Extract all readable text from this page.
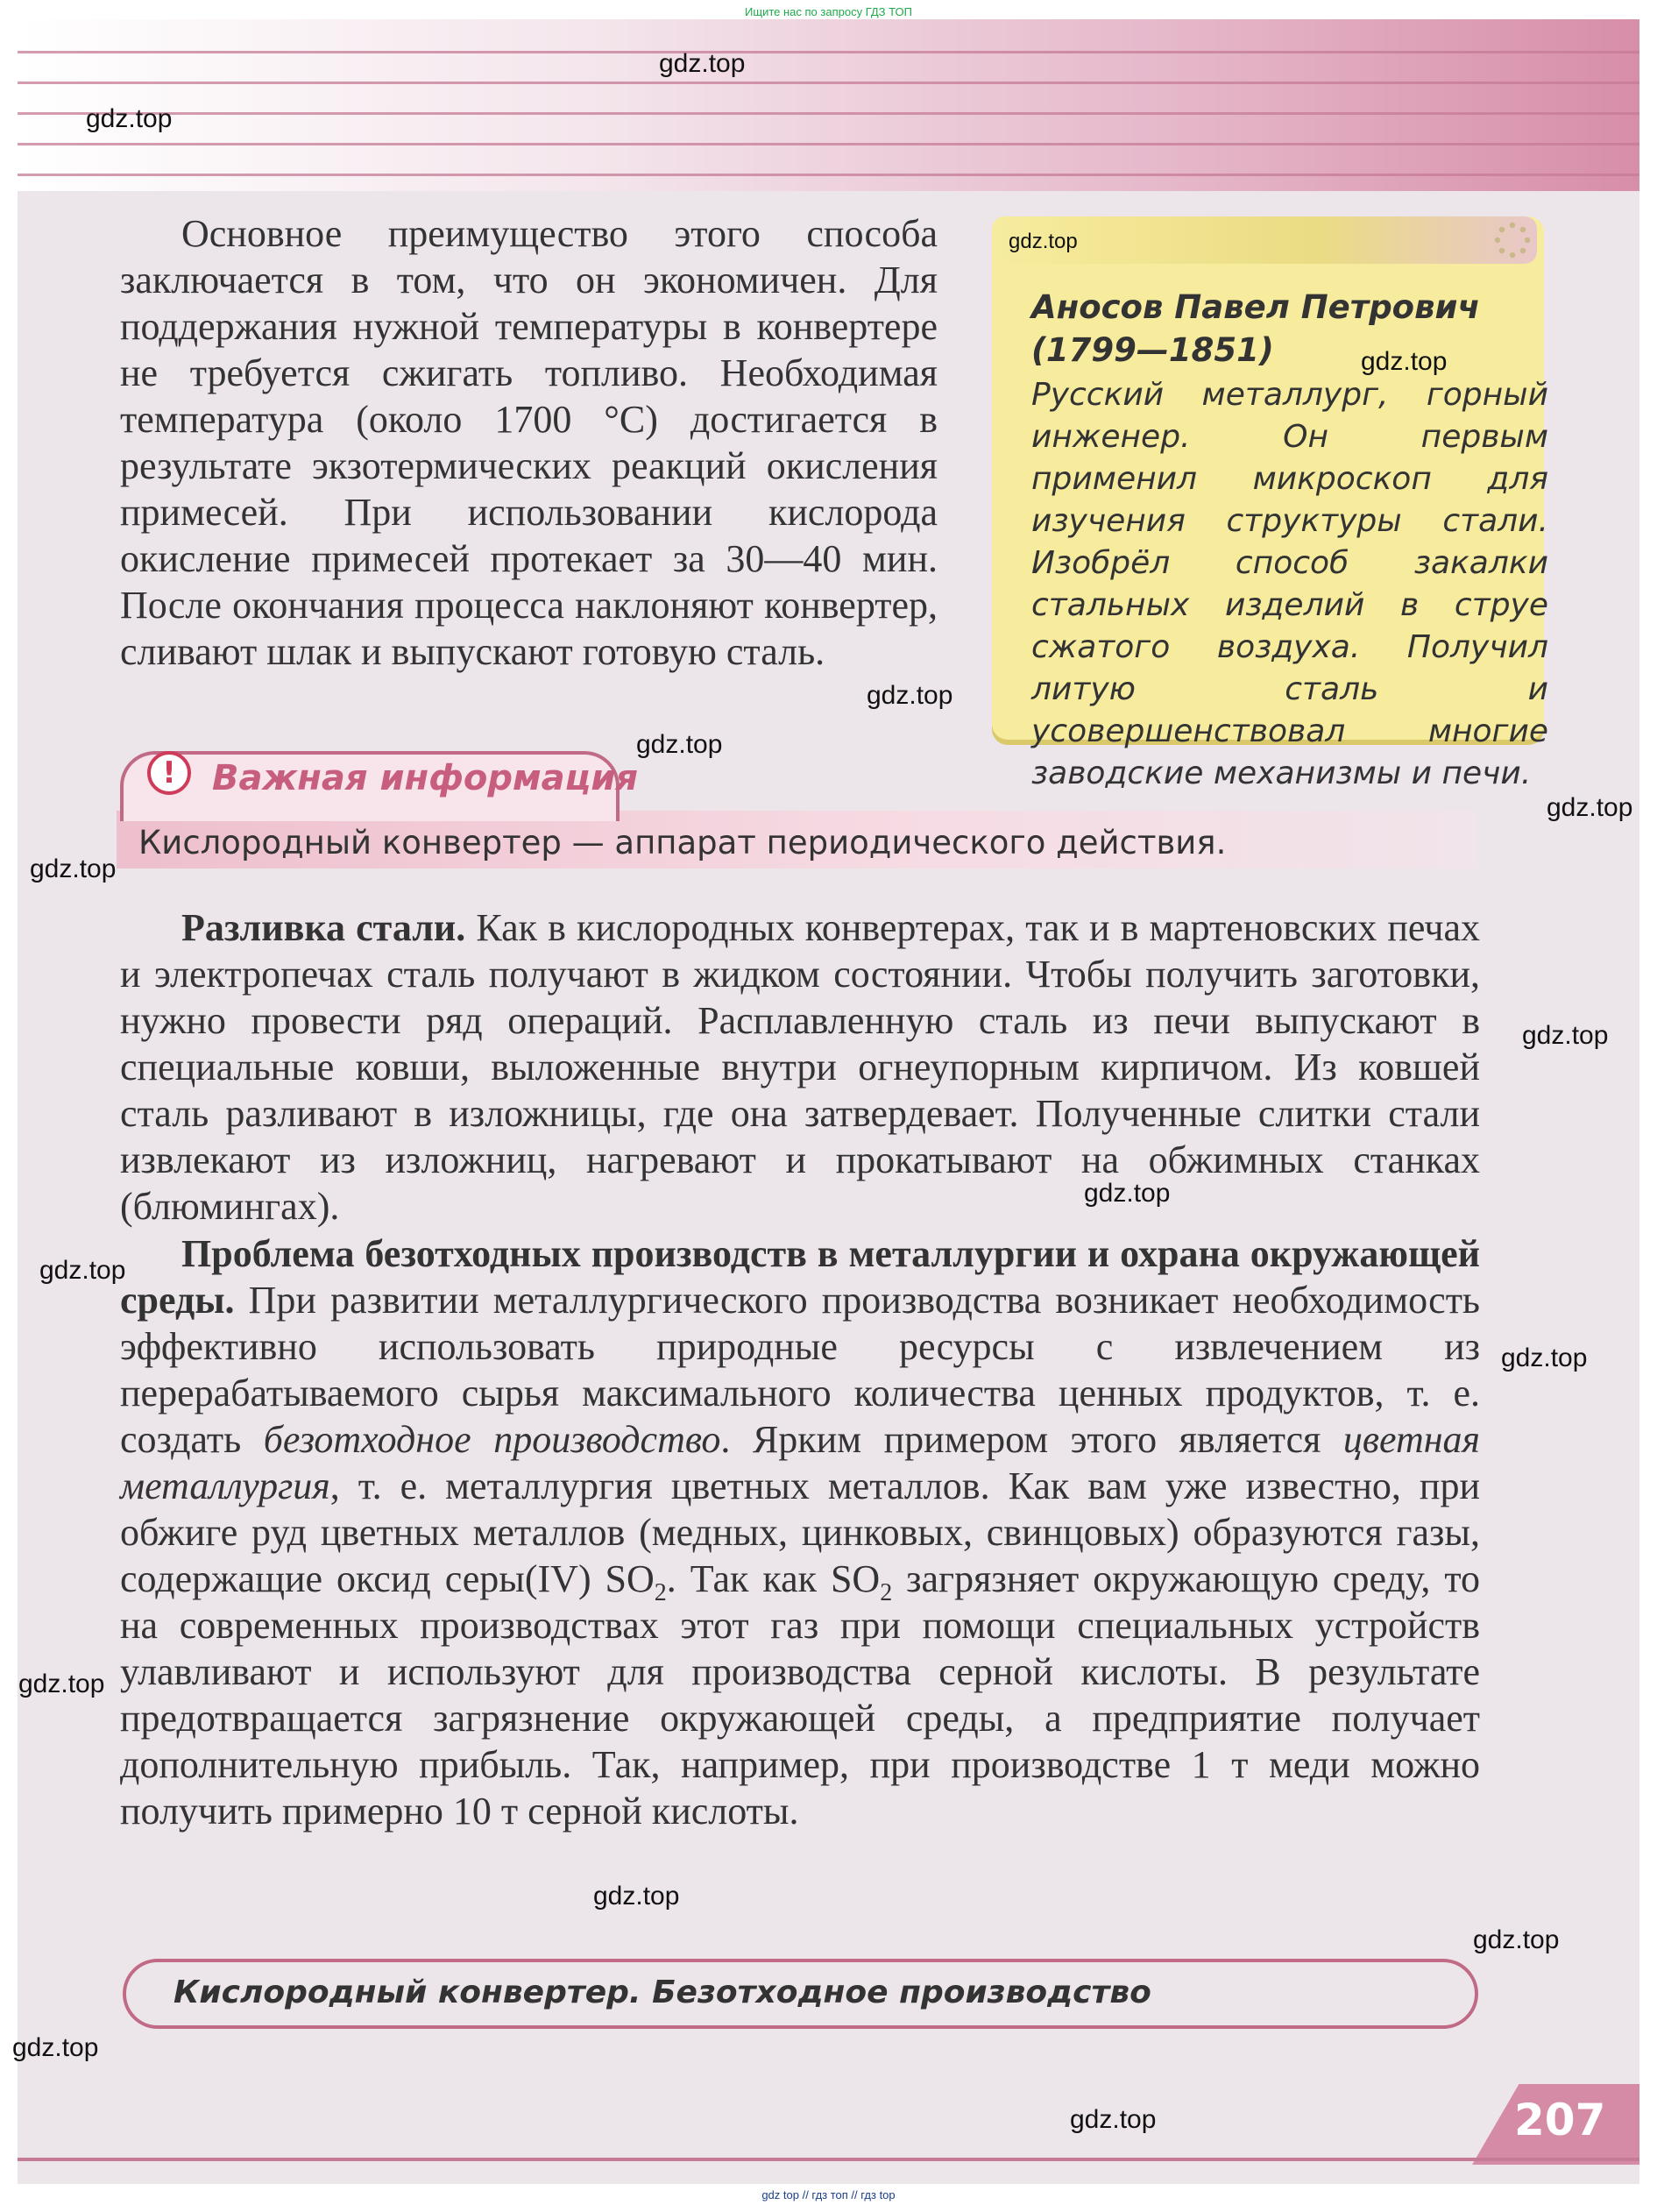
Ищите нас по запросу ГДЗ ТОП

Основное преимущество этого способа заключается в том, что он экономичен. Для поддержания нужной температуры в конвертере не требуется сжигать топливо. Необходимая температура (около 1700 °С) достигается в результате экзотермических реакций окисления примесей. При использовании кислорода окисление примесей протекает за 30—40 мин. После окончания процесса наклоняют конвертер, сливают шлак и выпускают готовую сталь.

Аносов Павел Петрович
(1799—1851)

Русский металлург, горный инженер. Он первым применил микроскоп для изучения структуры стали. Изобрёл способ закалки стальных изделий в струе сжатого воздуха. Получил литую сталь и усовершенствовал многие заводские механизмы и печи.

!	Важная информация

Кислородный конвертер — аппарат периодического действия.

Разливка стали. Как в кислородных конвертерах, так и в мартеновских печах и электропечах сталь получают в жидком состоянии. Чтобы получить заготовки, нужно провести ряд операций. Расплавленную сталь из печи выпускают в специальные ковши, выложенные внутри огнеупорным кирпичом. Из ковшей сталь разливают в изложницы, где она затвердевает. Полученные слитки стали извлекают из изложниц, нагревают и прокатывают на обжимных станках (блюмингах).

Проблема безотходных производств в металлургии и охрана окружающей среды. При развитии металлургического производства возникает необходимость эффективно использовать природные ресурсы с извлечением из перерабатываемого сырья максимального количества ценных продуктов, т. е. создать безотходное производство. Ярким примером этого является цветная металлургия, т. е. металлургия цветных металлов. Как вам уже известно, при обжиге руд цветных металлов (медных, цинковых, свинцовых) образуются газы, содержащие оксид серы(IV) $SO_2$. Так как $SO_2$ загрязняет окружающую среду, то на современных производствах этот газ при помощи специальных устройств улавливают и используют для производства серной кислоты. В результате предотвращается загрязнение окружающей среды, а предприятие получает дополнительную прибыль. Так, например, при производстве 1 т меди можно получить примерно 10 т серной кислоты.

Кислородный конвертер. Безотходное производство

207

gdz.top

gdz.top

gdz.top

gdz.top

gdz.top

gdz.top

gdz.top

gdz.top

gdz.top

gdz.top

gdz.top

gdz.top

gdz.top

gdz.top

gdz.top

gdz.top

gdz.top

gdz top // гдз топ // гдз top
